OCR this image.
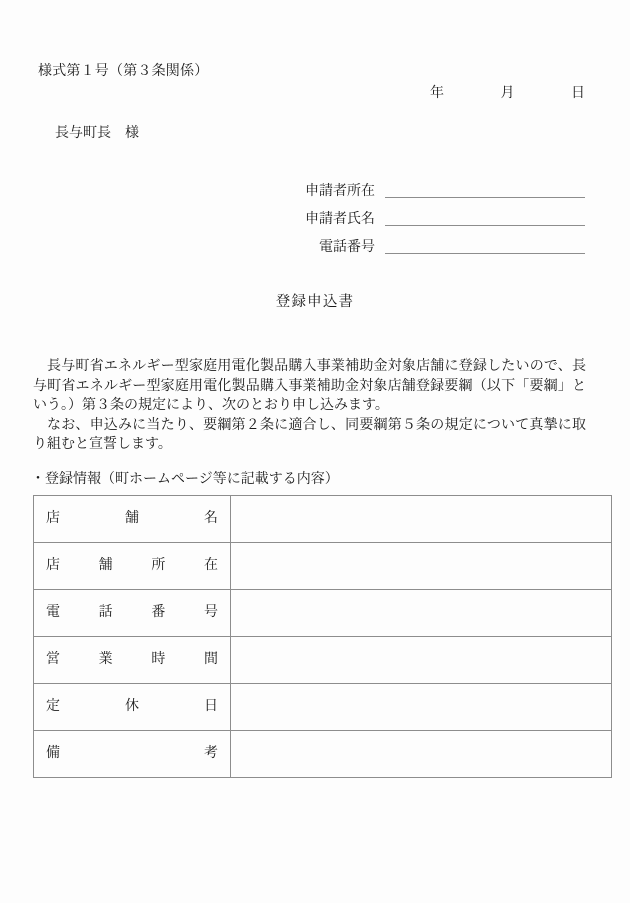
様式第１号（第３条関係）
年	月	日
長与町長　様
申請者所在
申請者氏名
電話番号
登録申込書

長与町省エネルギー型家庭用電化製品購入事業補助金対象店舗に登録したいので、長与町省エネルギー型家庭用電化製品購入事業補助金対象店舗登録要綱（以下「要綱」という。）第３条の規定により、次のとおり申し込みます。

なお、申込みに当たり、要綱第２条に適合し、同要綱第５条の規定について真摯に取り組むと宣誓します。

・登録情報（町ホームページ等に記載する内容）
店 舗 名	

店 舗 所 在	

電 話 番 号	

営 業 時 間	

定 休 日	

備 考	
